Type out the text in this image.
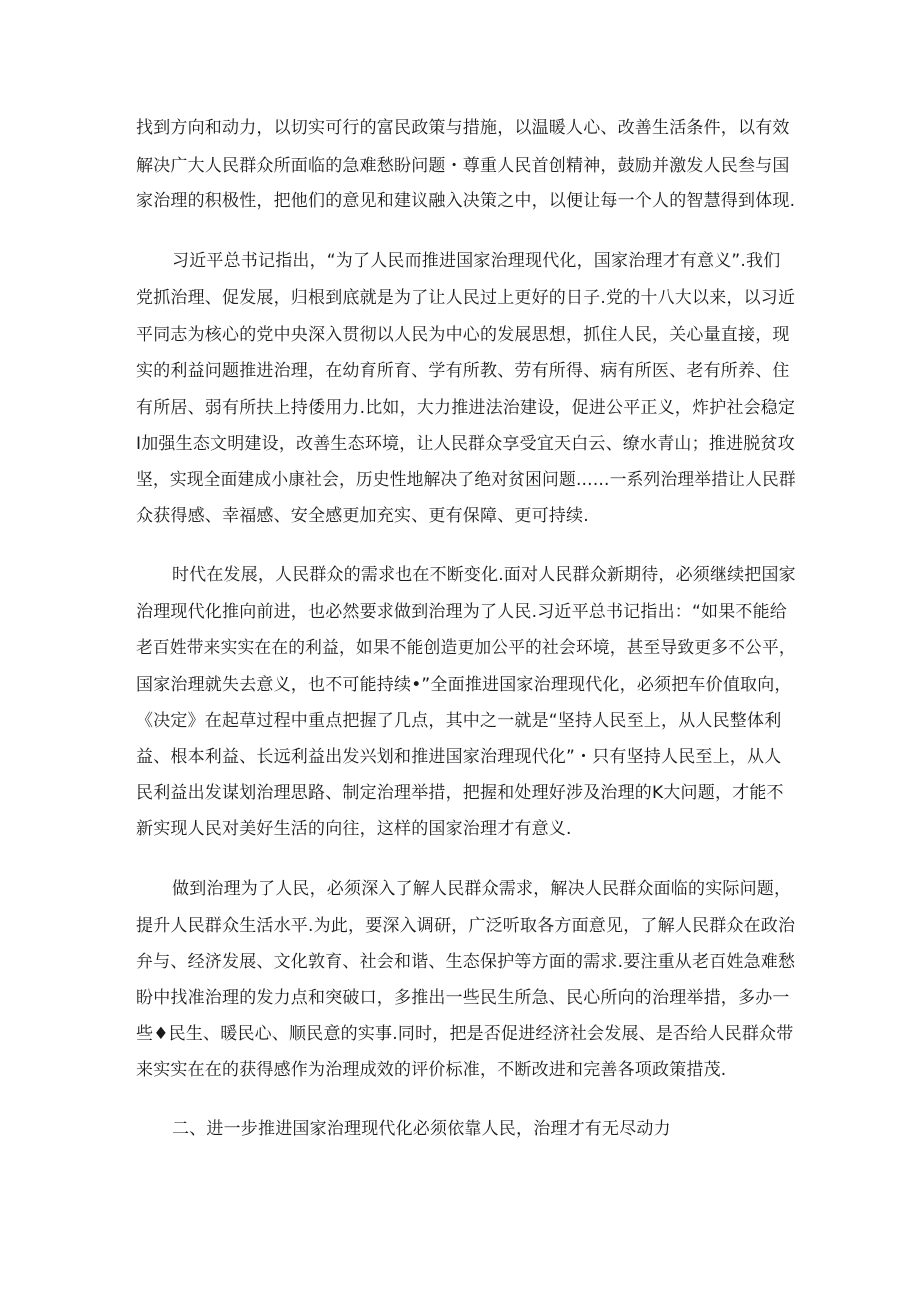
找到方向和动力，以切实可行的富民政策与措施，以温暖人心、改善生活条件，以有效
解决广大人民群众所面临的急难愁盼问题・尊重人民首创精神，鼓励并激发人民叁与国
家治理的积极性，把他们的意见和建议融入决策之中，以便让每一个人的智慧得到体现.
习近平总书记指出，“为了人民而推进国家治理现代化，国家治理才有意义”.我们
党抓治理、促发展，归根到底就是为了让人民过上更好的日子.党的十八大以来，以习近
平同志为核心的党中央深入贯彻以人民为中心的发展思想，抓住人民，关心量直接，现
实的利益问题推进治理，在幼育所育、学有所教、劳有所得、病有所医、老有所养、住
有所居、弱有所扶上持倭用力.比如，大力推进法治建设，促进公平正义，炸护社会稳定
I加强生态文明建设，改善生态环境，让人民群众享受宜天白云、缭水青山；推进脱贫攻
坚，实现全面建成小康社会，历史性地解决了绝对贫困问题……一系列治理举措让人民群
众获得感、幸福感、安全感更加充实、更有保障、更可持续.
时代在发展，人民群众的需求也在不断变化.面对人民群众新期待，必须继续把国家
治理现代化推向前进，也必然要求做到治理为了人民.习近平总书记指出：“如果不能给
老百姓带来实实在在的利益，如果不能创造更加公平的社会环境，甚至导致更多不公平，
国家治理就失去意义，也不可能持续•”全面推进国家治理现代化，必须把车价值取向，
《决定》在起草过程中重点把握了几点，其中之一就是“坚持人民至上，从人民整体利
益、根本利益、长远利益出发兴划和推进国家治理现代化”・只有坚持人民至上，从人
民利益出发谋划治理思路、制定治理举措，把握和处理好涉及治理的K大问题，才能不
新实现人民对美好生活的向往，这样的国家治理才有意义.
做到治理为了人民，必须深入了解人民群众需求，解决人民群众面临的实际问题，
提升人民群众生活水平.为此，要深入调研，广泛听取各方面意见，了解人民群众在政治
弁与、经济发展、文化敦育、社会和谐、生态保护等方面的需求.要注重从老百姓急难愁
盼中找准治理的发力点和突破口，多推出一些民生所急、民心所向的治理举措，多办一
些♦民生、暖民心、顺民意的实事.同时，把是否促进经济社会发展、是否给人民群众带
来实实在在的获得感作为治理成效的评价标准，不断改进和完善各项政策措茂.
二、进一步推进国家治理现代化必须依靠人民，治理才有无尽动力
